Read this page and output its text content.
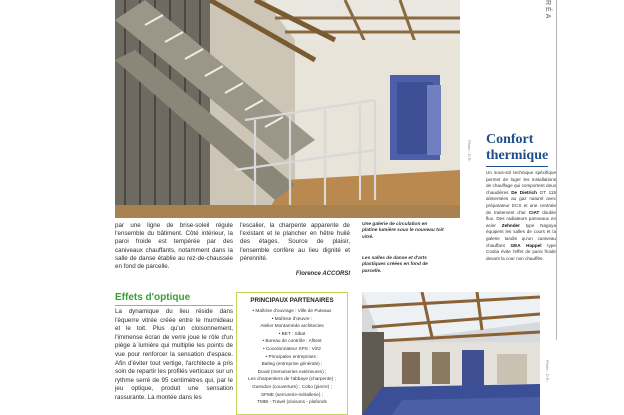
Photo : D.R.
RÉA
Confort thermique
Un sous-sol technique spécifique permet de loger les installations de chauffage qui comportent deux chaudières De Dietrich GT 115 alimentées au gaz naturel avec préparateur ECS et une centrale de traitement d'air CIAT double flux. Des radiateurs panneaux en acier Zehnder type Nagoya équipent les salles de cours et la galerie tandis qu'un caniveau chauffant GEA Happel type Coolia évite l'effet de paroi froide devant la cour non chauffée.
par une ligne de brise-soleil régule l'ensemble du bâtiment. Côté intérieur, la paroi froide est tempérée par des caniveaux chauffants, notamment dans la salle de danse établie au rez-de-chaussée en fond de parcelle.
Effets d'optique
La dynamique du lieu réside dans l'équerre vitrée créée entre le murnideau et le toit. Plus qu'un cloisonnement, l'immense écran de verre joue le rôle d'un piège à lumière qui multiplie les points de vue pour renforcer la sensation d'espace. Afin d'éviter tout vertige, l'architecte a pris soin de repartir les profilés verticaux sur un rythme serré de 95 centimètres qui, par le jeu optique, produit une sensation rassurante. La montée dans les
l'escalier, la charpente apparente de l'existant et le plancher en hêtre huilé des étages. Source de plaisir, l'ensemble confère au lieu dignité et pérennité.
Florence ACCORSI
Une galerie de circulation en platine lumière sous le nouveau toit vitré.
Les salles de danse et d'arts plastiques créées en fond de parcelle.
PRINCIPAUX PARTENAIRES
• Maîtrise d'ouvrage : Ville de Puteaux
• Maîtrise d'œuvre :
Atelier Montarnède architectes
• BET : Sibat
• Bureau de contrôle : Afitest
• Coordonnateur SPS : Virtz
• Principales entreprises :
Batleg (entreprise générale) ;
Duval (menuiseries extérieures) ;
Les charpentiers de l'abbaye (charpente) ;
Guesdon (couverture) ; Cobo (pierre) ;
SFME (serrurerie-métallerie) ;
TMBI - Travel (cloisons - plafonds
Photo : D.R.
